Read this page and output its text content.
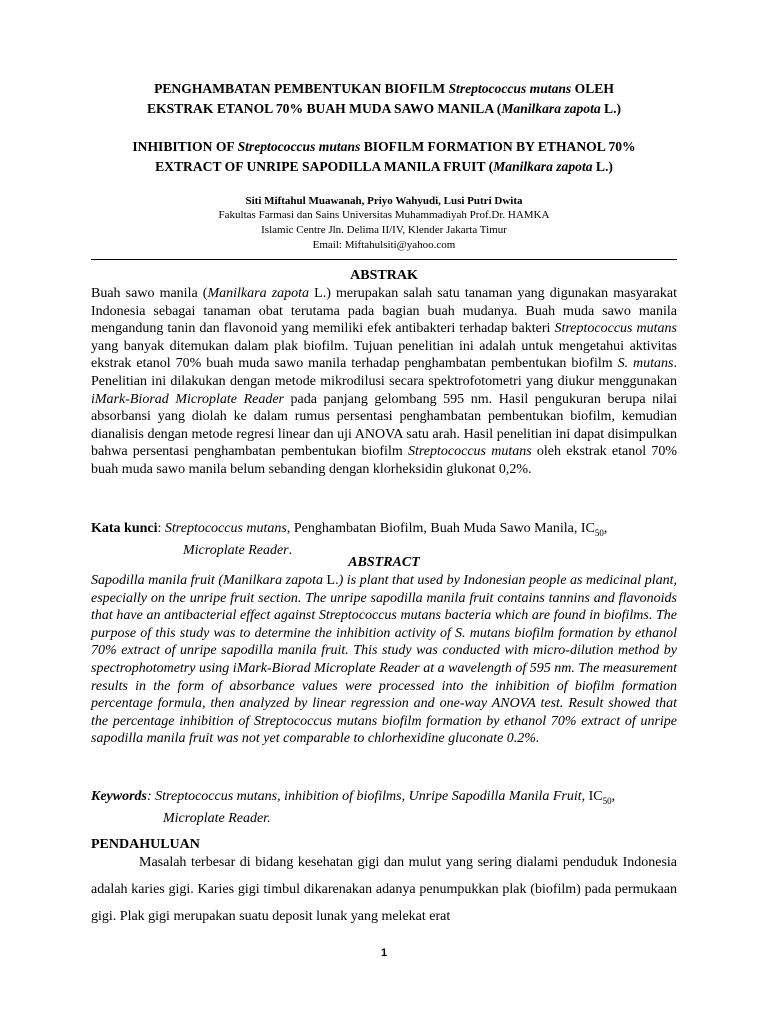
PENGHAMBATAN PEMBENTUKAN BIOFILM Streptococcus mutans OLEH
EKSTRAK ETANOL 70% BUAH MUDA SAWO MANILA (Manilkara zapota L.)
INHIBITION OF Streptococcus mutans BIOFILM FORMATION BY ETHANOL 70%
EXTRACT OF UNRIPE SAPODILLA MANILA FRUIT (Manilkara zapota L.)
Siti Miftahul Muawanah, Priyo Wahyudi, Lusi Putri Dwita
Fakultas Farmasi dan Sains Universitas Muhammadiyah Prof.Dr. HAMKA
Islamic Centre Jln. Delima II/IV, Klender Jakarta Timur
Email: Miftahulsiti@yahoo.com
ABSTRAK
Buah sawo manila (Manilkara zapota L.) merupakan salah satu tanaman yang digunakan masyarakat Indonesia sebagai tanaman obat terutama pada bagian buah mudanya. Buah muda sawo manila mengandung tanin dan flavonoid yang memiliki efek antibakteri terhadap bakteri Streptococcus mutans yang banyak ditemukan dalam plak biofilm. Tujuan penelitian ini adalah untuk mengetahui aktivitas ekstrak etanol 70% buah muda sawo manila terhadap penghambatan pembentukan biofilm S. mutans. Penelitian ini dilakukan dengan metode mikrodilusi secara spektrofotometri yang diukur menggunakan iMark-Biorad Microplate Reader pada panjang gelombang 595 nm. Hasil pengukuran berupa nilai absorbansi yang diolah ke dalam rumus persentasi penghambatan pembentukan biofilm, kemudian dianalisis dengan metode regresi linear dan uji ANOVA satu arah. Hasil penelitian ini dapat disimpulkan bahwa persentasi penghambatan pembentukan biofilm Streptococcus mutans oleh ekstrak etanol 70% buah muda sawo manila belum sebanding dengan klorheksidin glukonat 0,2%.
Kata kunci: Streptococcus mutans, Penghambatan Biofilm, Buah Muda Sawo Manila, $IC_{50}$,
Microplate Reader.
ABSTRACT
Sapodilla manila fruit (Manilkara zapota L.) is plant that used by Indonesian people as medicinal plant, especially on the unripe fruit section. The unripe sapodilla manila fruit contains tannins and flavonoids that have an antibacterial effect against Streptococcus mutans bacteria which are found in biofilms. The purpose of this study was to determine the inhibition activity of S. mutans biofilm formation by ethanol 70% extract of unripe sapodilla manila fruit. This study was conducted with micro-dilution method by spectrophotometry using iMark-Biorad Microplate Reader at a wavelength of 595 nm. The measurement results in the form of absorbance values were processed into the inhibition of biofilm formation percentage formula, then analyzed by linear regression and one-way ANOVA test. Result showed that the percentage inhibition of Streptococcus mutans biofilm formation by ethanol 70% extract of unripe sapodilla manila fruit was not yet comparable to chlorhexidine gluconate 0.2%.
Keywords: Streptococcus mutans, inhibition of biofilms, Unripe Sapodilla Manila Fruit, $IC_{50}$,
Microplate Reader.
PENDAHULUAN
Masalah terbesar di bidang kesehatan gigi dan mulut yang sering dialami penduduk Indonesia adalah karies gigi. Karies gigi timbul dikarenakan adanya penumpukkan plak (biofilm) pada permukaan gigi. Plak gigi merupakan suatu deposit lunak yang melekat erat
1
